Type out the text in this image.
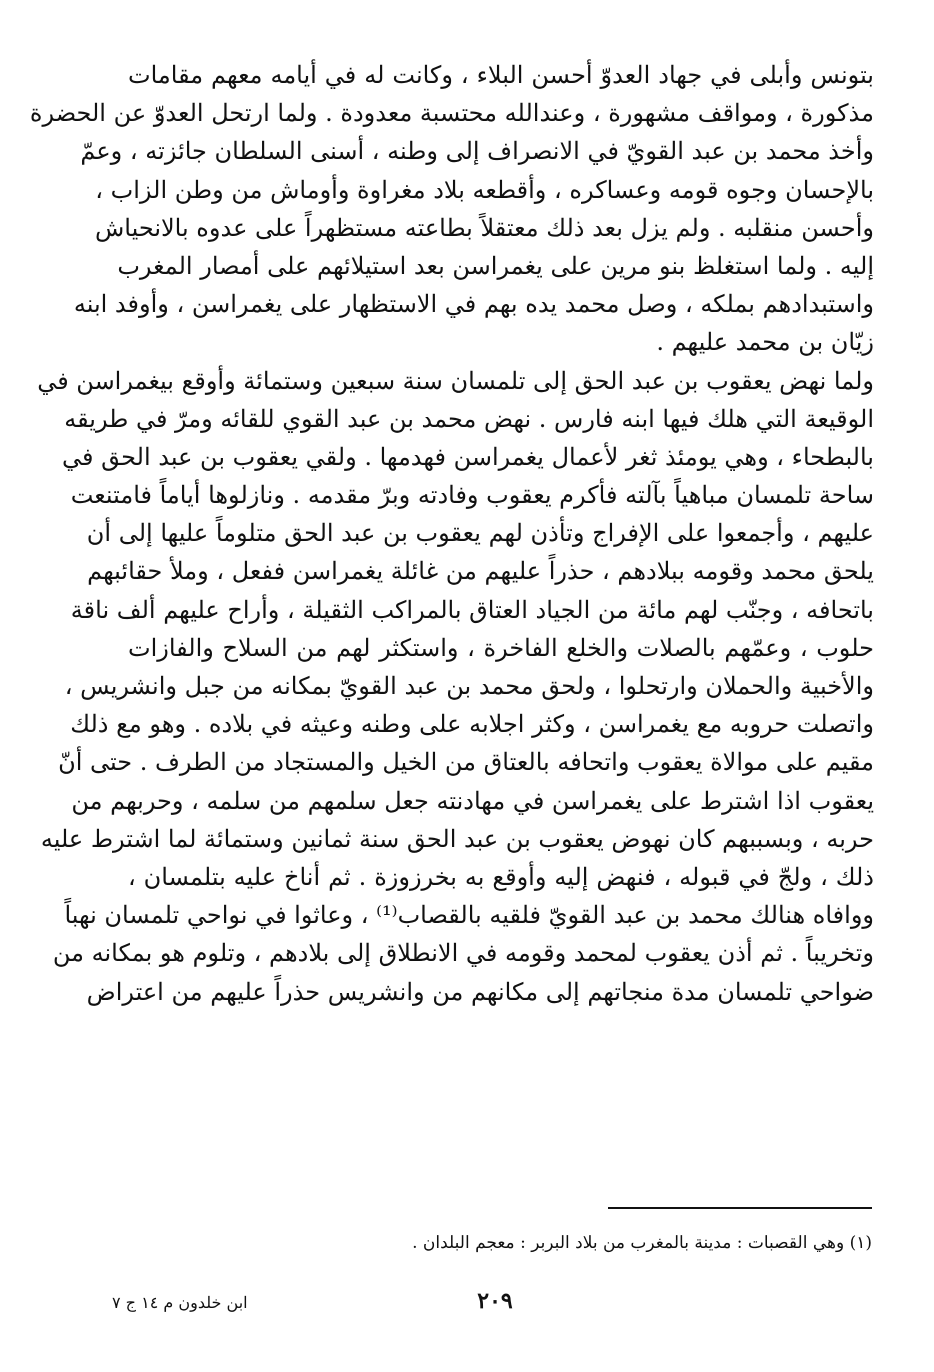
بتونس وأبلى في جهاد العدوّ أحسن البلاء ، وكانت له في أيامه معهم مقامات
مذكورة ، ومواقف مشهورة ، وعندالله محتسبة معدودة . ولما ارتحل العدوّ عن الحضرة
وأخذ محمد بن عبد القويّ في الانصراف إلى وطنه ، أسنى السلطان جائزته ، وعمّ
بالإحسان وجوه قومه وعساكره ، وأقطعه بلاد مغراوة وأوماش من وطن الزاب ،
وأحسن منقلبه . ولم يزل بعد ذلك معتقلاً بطاعته مستظهراً على عدوه بالانحياش
إليه . ولما استغلظ بنو مرين على يغمراسن بعد استيلائهم على أمصار المغرب
واستبدادهم بملكه ، وصل محمد يده بهم في الاستظهار على يغمراسن ، وأوفد ابنه
زيّان بن محمد عليهم .
ولما نهض يعقوب بن عبد الحق إلى تلمسان سنة سبعين وستمائة وأوقع بيغمراسن في
الوقيعة التي هلك فيها ابنه فارس . نهض محمد بن عبد القوي للقائه ومرّ في طريقه
بالبطحاء ، وهي يومئذ ثغر لأعمال يغمراسن فهدمها . ولقي يعقوب بن عبد الحق في
ساحة تلمسان مباهياً بآلته فأكرم يعقوب وفادته وبرّ مقدمه . ونازلوها أياماً فامتنعت
عليهم ، وأجمعوا على الإفراج وتأذن لهم يعقوب بن عبد الحق متلوماً عليها إلى أن
يلحق محمد وقومه ببلادهم ، حذراً عليهم من غائلة يغمراسن ففعل ، وملأ حقائبهم
باتحافه ، وجنّب لهم مائة من الجياد العتاق بالمراكب الثقيلة ، وأراح عليهم ألف ناقة
حلوب ، وعمّهم بالصلات والخلع الفاخرة ، واستكثر لهم من السلاح والفازات
والأخبية والحملان وارتحلوا ، ولحق محمد بن عبد القويّ بمكانه من جبل وانشريس ،
واتصلت حروبه مع يغمراسن ، وكثر اجلابه على وطنه وعيثه في بلاده . وهو مع ذلك
مقيم على موالاة يعقوب واتحافه بالعتاق من الخيل والمستجاد من الطرف . حتى أنّ
يعقوب اذا اشترط على يغمراسن في مهادنته جعل سلمهم من سلمه ، وحربهم من
حربه ، وبسببهم كان نهوض يعقوب بن عبد الحق سنة ثمانين وستمائة لما اشترط عليه
ذلك ، ولجّ في قبوله ، فنهض إليه وأوقع به بخرزوزة . ثم أناخ عليه بتلمسان ،
ووافاه هنالك محمد بن عبد القويّ فلقيه بالقصاب⁽¹⁾ ، وعاثوا في نواحي تلمسان نهباً
وتخريباً . ثم أذن يعقوب لمحمد وقومه في الانطلاق إلى بلادهم ، وتلوم هو بمكانه من
ضواحي تلمسان مدة منجاتهم إلى مكانهم من وانشريس حذراً عليهم من اعتراض
(١) وهي القصبات : مدينة بالمغرب من بلاد البربر : معجم البلدان .
٢٠٩
ابن خلدون م ١٤ ج ٧
